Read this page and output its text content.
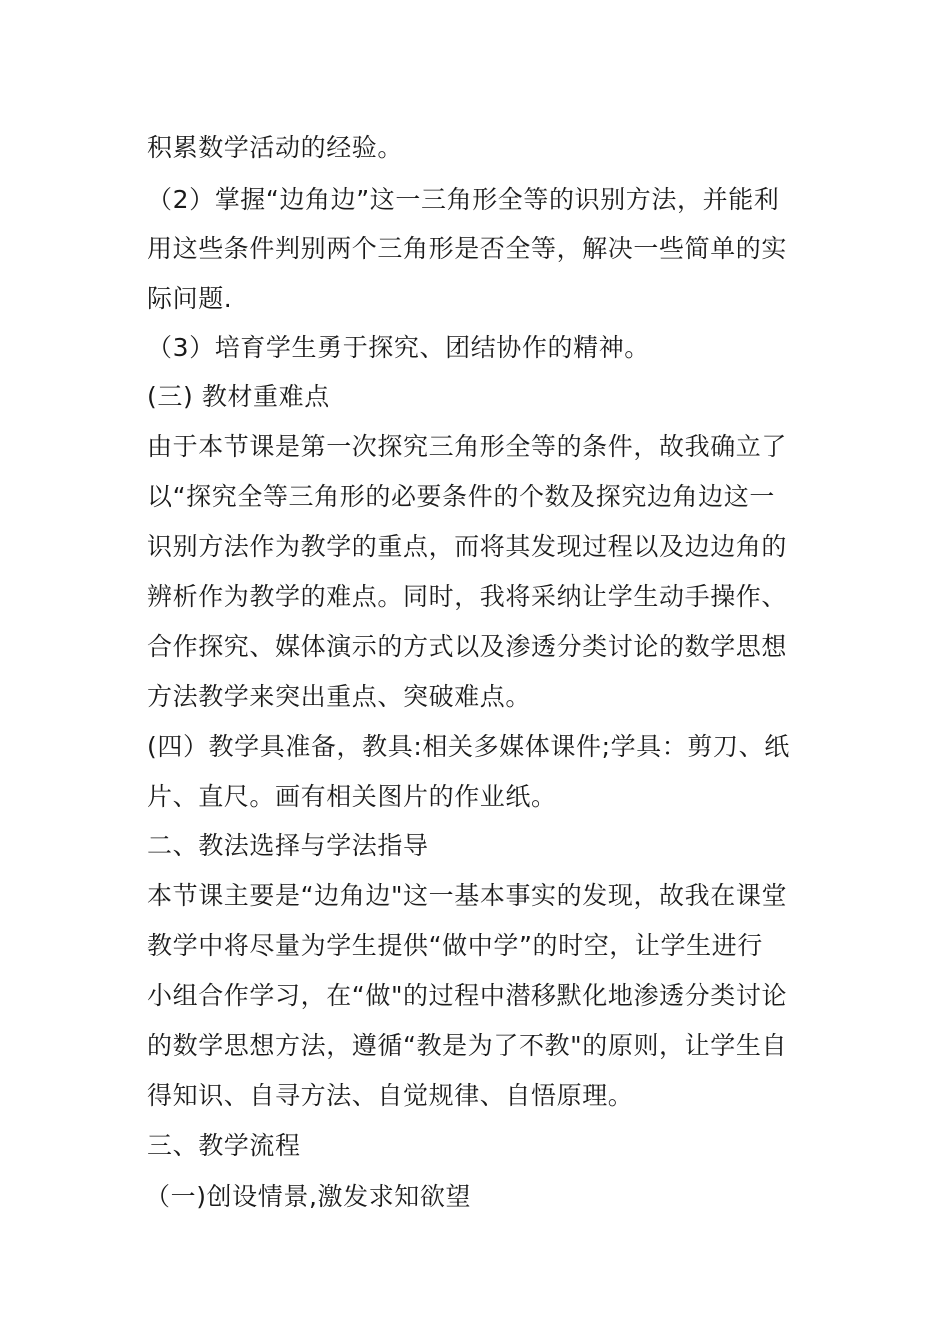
积累数学活动的经验。
（2）掌握“边角边”这一三角形全等的识别方法，并能利
用这些条件判别两个三角形是否全等，解决一些简单的实
际问题.
（3）培育学生勇于探究、团结协作的精神。
(三) 教材重难点
由于本节课是第一次探究三角形全等的条件，故我确立了
以“探究全等三角形的必要条件的个数及探究边角边这一
识别方法作为教学的重点，而将其发现过程以及边边角的
辨析作为教学的难点。同时，我将采纳让学生动手操作、
合作探究、媒体演示的方式以及渗透分类讨论的数学思想
方法教学来突出重点、突破难点。
(四）教学具准备，教具:相关多媒体课件;学具：剪刀、纸
片、直尺。画有相关图片的作业纸。
二、教法选择与学法指导
本节课主要是“边角边"这一基本事实的发现，故我在课堂
教学中将尽量为学生提供“做中学”的时空，让学生进行
小组合作学习，在“做"的过程中潜移默化地渗透分类讨论
的数学思想方法，遵循“教是为了不教"的原则，让学生自
得知识、自寻方法、自觉规律、自悟原理。
三、教学流程
（一)创设情景,激发求知欲望
